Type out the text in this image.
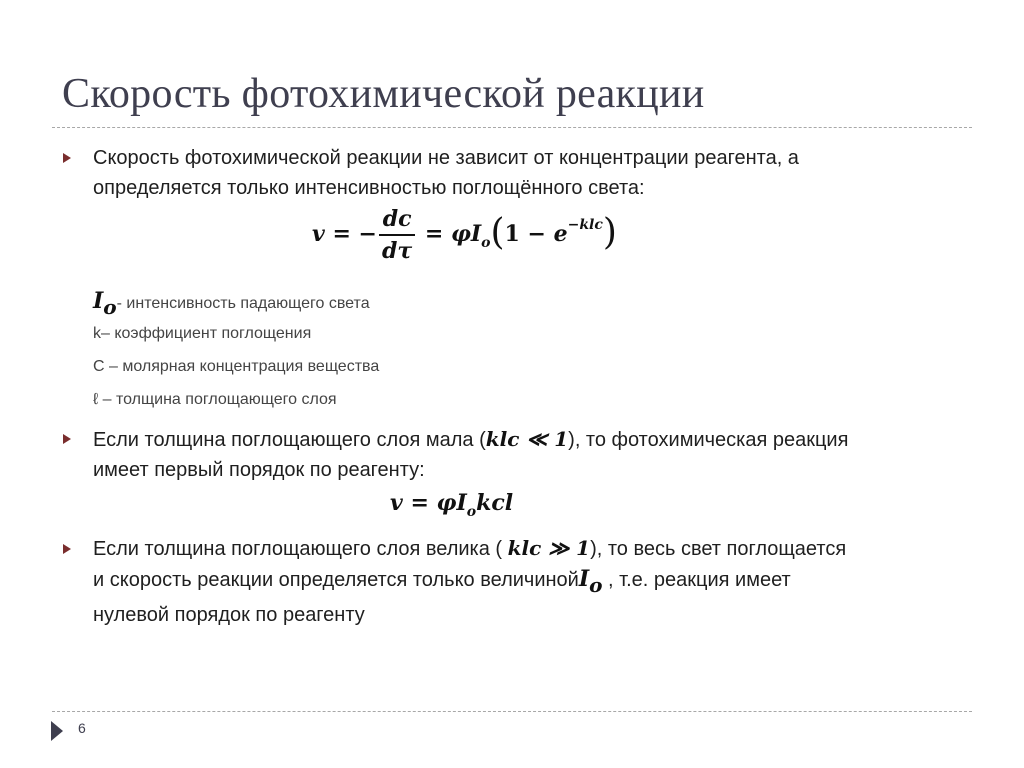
Скорость фотохимической реакции
Скорость фотохимической реакции не зависит от концентрации реагента, а
определяется только интенсивностью поглощённого света:
v = − $\frac{dc}{d\tau} = \varphi I_o(1 - e^{-klc})$
Io- интенсивность падающего света
k– коэффициент поглощения
С – молярная концентрация вещества
ℓ – толщина поглощающего слоя
Если толщина поглощающего слоя мала (klc ≪ 1), то фотохимическая реакция
имеет первый порядок по реагенту:
$v = \varphi I_okcl$
Если толщина поглощающего слоя велика ( klc ≫ 1), то весь свет поглощается
и скорость реакции определяется только величинойIo , т.е. реакция имеет
нулевой порядок по реагенту
6
